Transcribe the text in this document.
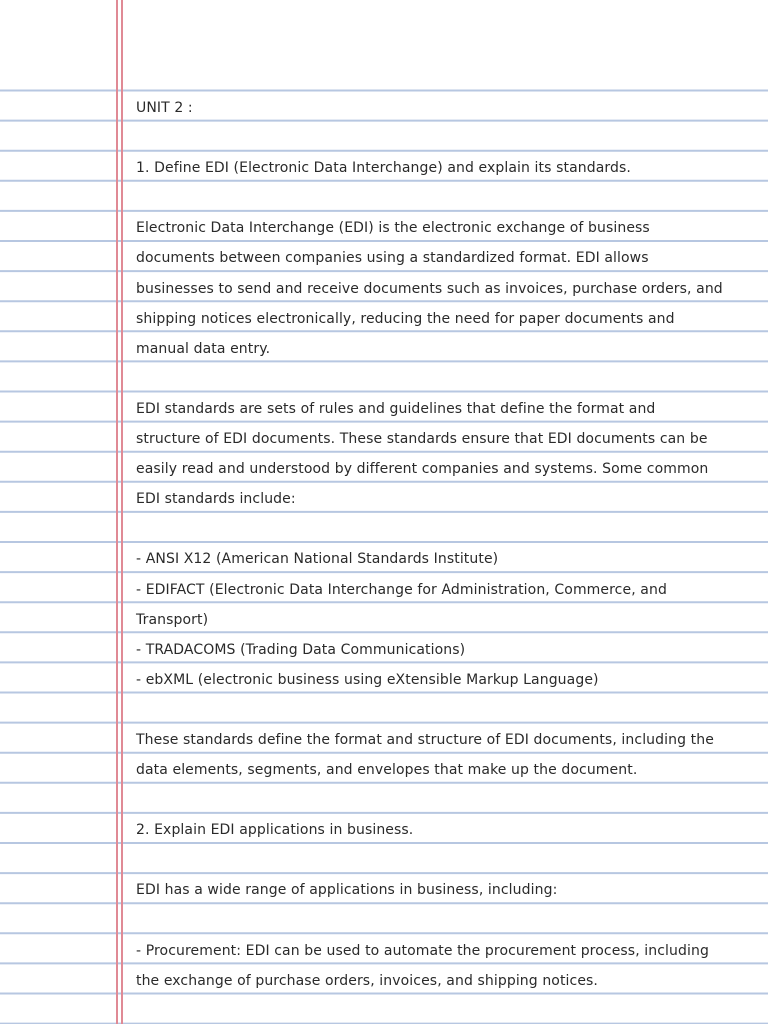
UNIT 2 :
1. Define EDI (Electronic Data Interchange) and explain its standards.
Electronic Data Interchange (EDI) is the electronic exchange of business
documents between companies using a standardized format. EDI allows
businesses to send and receive documents such as invoices, purchase orders, and
shipping notices electronically, reducing the need for paper documents and
manual data entry.
EDI standards are sets of rules and guidelines that define the format and
structure of EDI documents. These standards ensure that EDI documents can be
easily read and understood by different companies and systems. Some common
EDI standards include:
- ANSI X12 (American National Standards Institute)
- EDIFACT (Electronic Data Interchange for Administration, Commerce, and
Transport)
- TRADACOMS (Trading Data Communications)
- ebXML (electronic business using eXtensible Markup Language)
These standards define the format and structure of EDI documents, including the
data elements, segments, and envelopes that make up the document.
2. Explain EDI applications in business.
EDI has a wide range of applications in business, including:
- Procurement: EDI can be used to automate the procurement process, including
the exchange of purchase orders, invoices, and shipping notices.
